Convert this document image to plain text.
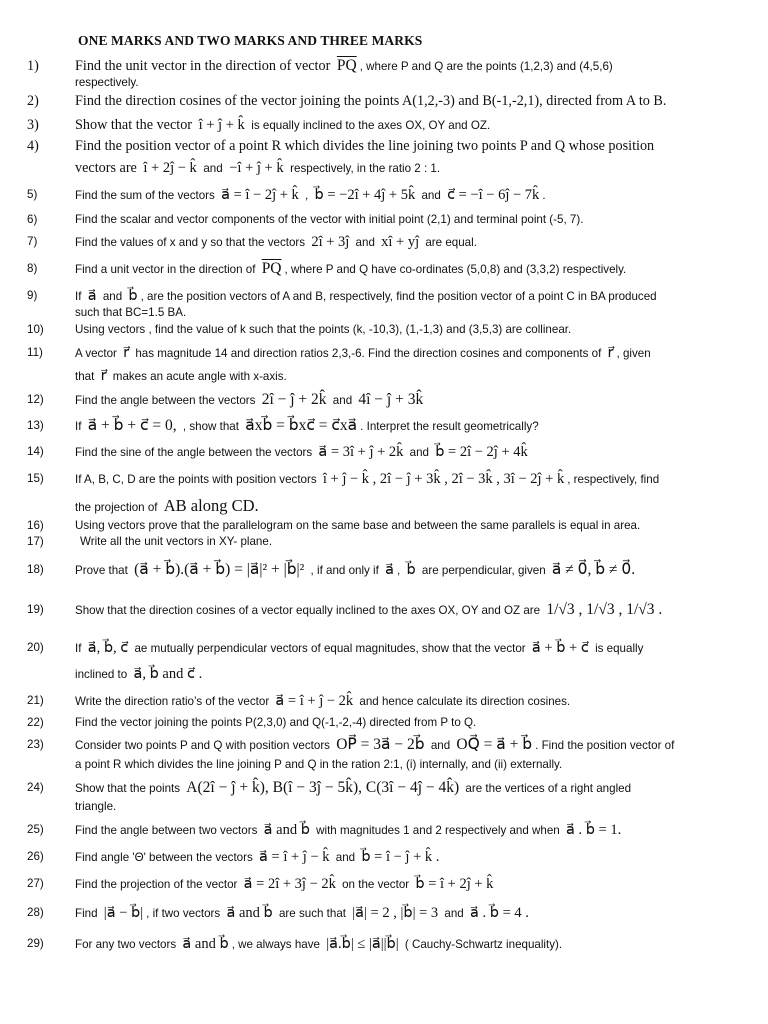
ONE MARKS AND TWO MARKS AND THREE MARKS
1)	Find the unit vector in the direction of vector $\overline{PQ}$ , where P and Q are the points (1,2,3) and (4,5,6)
respectively.
2)	Find the direction cosines of the vector joining the points A(1,2,-3) and B(-1,-2,1), directed from A to B.
3)	Show that the vector î + ĵ + k̂ is equally inclined to the axes OX, OY and OZ.
4)	Find the position vector of a point R which divides the line joining two points P and Q whose position
vectors are î + 2ĵ − k̂ and −î + ĵ + k̂ respectively, in the ratio 2 : 1.
5)	Find the sum of the vectors a⃗ = î − 2ĵ + k̂ , b⃗ = −2î + 4ĵ + 5k̂ and c⃗ = −î − 6ĵ − 7k̂ .
6)	Find the scalar and vector components of the vector with initial point (2,1) and terminal point (-5, 7).
7)	Find the values of x and y so that the vectors 2î + 3ĵ and xî + yĵ are equal.
8)	Find a unit vector in the direction of $\overline{PQ}$ , where P and Q have co-ordinates (5,0,8) and (3,3,2) respectively.
9)	If a⃗ and b⃗ , are the position vectors of A and B, respectively, find the position vector of a point C in BA produced
such that BC=1.5 BA.
10)	Using vectors , find the value of k such that the points (k, -10,3), (1,-1,3) and (3,5,3) are collinear.
11)	A vector r⃗ has magnitude 14 and direction ratios 2,3,-6. Find the direction cosines and components of r⃗ , given
that r⃗ makes an acute angle with x-axis.
12)	Find the angle between the vectors 2î − ĵ + 2k̂ and 4î − ĵ + 3k̂
13)	If a⃗ + b⃗ + c⃗ = 0, , show that a⃗xb⃗ = b⃗xc⃗ = c⃗xa⃗ . Interpret the result geometrically?
14)	Find the sine of the angle between the vectors a⃗ = 3î + ĵ + 2k̂ and b⃗ = 2î − 2ĵ + 4k̂
15)	If A, B, C, D are the points with position vectors î + ĵ − k̂ , 2î − ĵ + 3k̂ , 2î − 3k̂ , 3î − 2ĵ + k̂ , respectively, find
the projection of AB along CD.
16)	Using vectors prove that the parallelogram on the same base and between the same parallels is equal in area.
17)	Write all the unit vectors in XY- plane.
18)	Prove that (a⃗ + b⃗).(a⃗ + b⃗) = |a⃗|² + |b⃗|² , if and only if a⃗ , b⃗ are perpendicular, given a⃗ ≠ 0⃗, b⃗ ≠ 0⃗.
19)	Show that the direction cosines of a vector equally inclined to the axes OX, OY and OZ are 1/√3 , 1/√3 , 1/√3 .
20)	If a⃗, b⃗, c⃗ ae mutually perpendicular vectors of equal magnitudes, show that the vector a⃗ + b⃗ + c⃗ is equally
inclined to a⃗, b⃗ and c⃗ .
21)	Write the direction ratio’s of the vector a⃗ = î + ĵ − 2k̂ and hence calculate its direction cosines.
22)	Find the vector joining the points P(2,3,0) and Q(-1,-2,-4) directed from P to Q.
23)	Consider two points P and Q with position vectors OP⃗ = 3a⃗ − 2b⃗ and OQ⃗ = a⃗ + b⃗ . Find the position vector of
a point R which divides the line joining P and Q in the ration 2:1, (i) internally, and (ii) externally.
24)	Show that the points A(2î − ĵ + k̂), B(î − 3ĵ − 5k̂), C(3î − 4ĵ − 4k̂) are the vertices of a right angled
triangle.
25)	Find the angle between two vectors a⃗ and b⃗ with magnitudes 1 and 2 respectively and when a⃗ . b⃗ = 1.
26)	Find angle 'Θ' between the vectors a⃗ = î + ĵ − k̂ and b⃗ = î − ĵ + k̂ .
27)	Find the projection of the vector a⃗ = 2î + 3ĵ − 2k̂ on the vector b⃗ = î + 2ĵ + k̂
28)	Find |a⃗ − b⃗| , if two vectors a⃗ and b⃗ are such that |a⃗| = 2 , |b⃗| = 3 and a⃗ . b⃗ = 4 .
29)	For any two vectors a⃗ and b⃗ , we always have |a⃗.b⃗| ≤ |a⃗||b⃗| ( Cauchy-Schwartz inequality).
